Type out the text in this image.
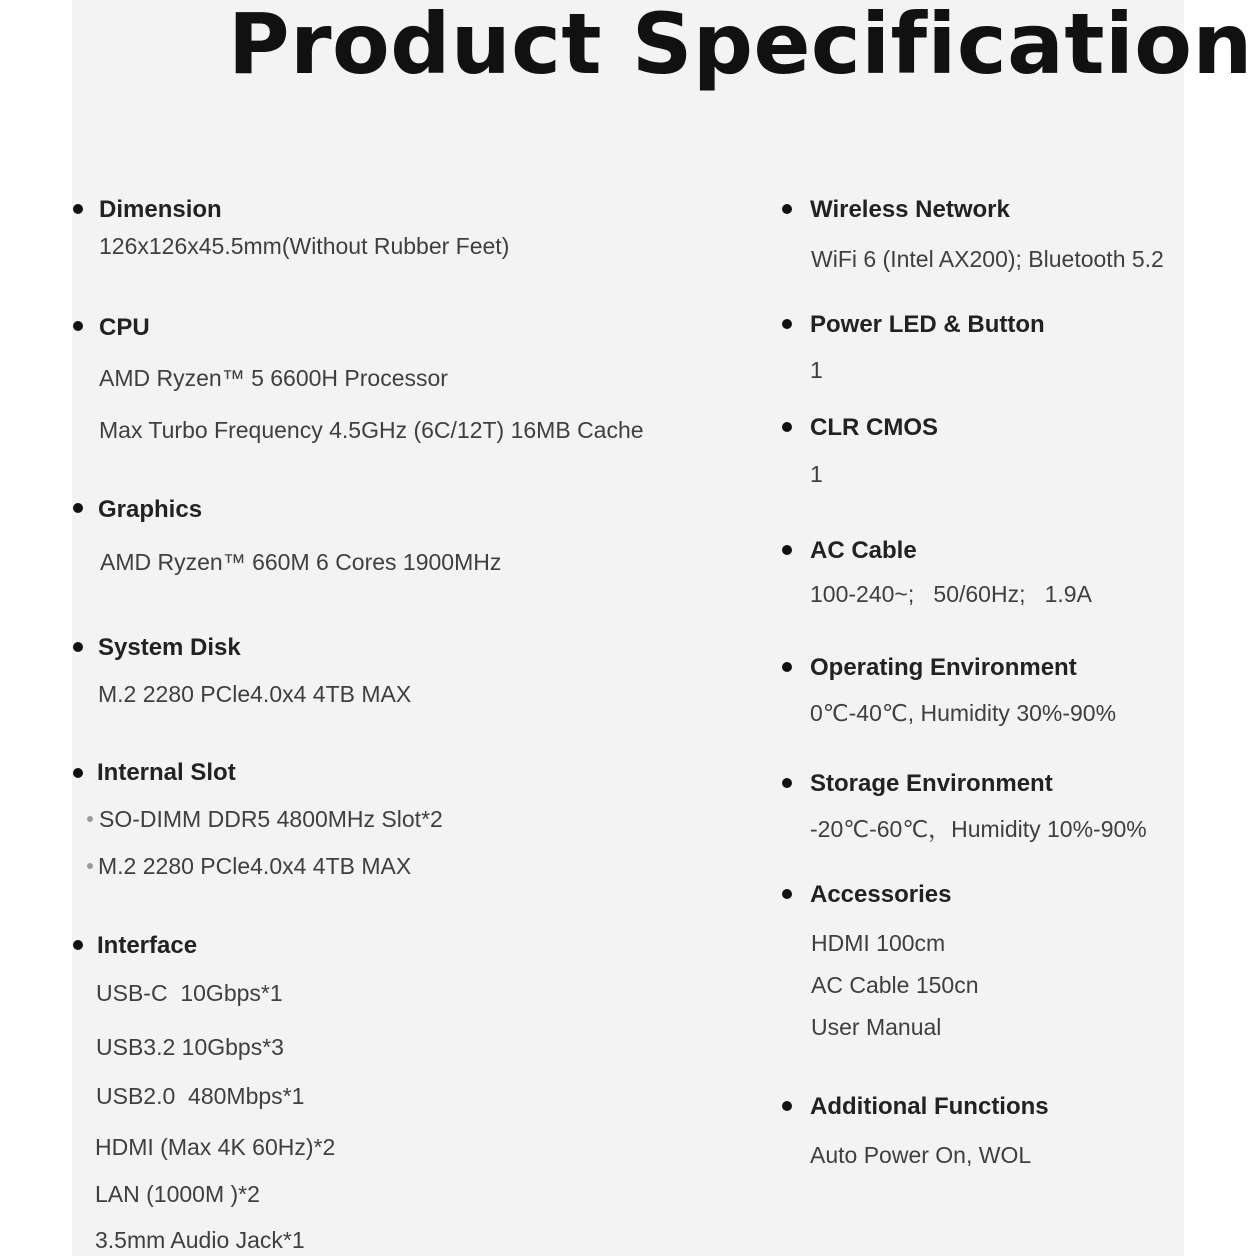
Product Specification
Dimension
126x126x45.5mm(Without Rubber Feet)
CPU
AMD Ryzen™ 5 6600H Processor
Max Turbo Frequency 4.5GHz (6C/12T) 16MB Cache
Graphics
AMD Ryzen™ 660M 6 Cores 1900MHz
System Disk
M.2 2280 PCle4.0x4 4TB MAX
Internal Slot
SO-DIMM DDR5 4800MHz Slot*2
M.2 2280 PCle4.0x4 4TB MAX
Interface
USB-C  10Gbps*1
USB3.2 10Gbps*3
USB2.0  480Mbps*1
HDMI (Max 4K 60Hz)*2
LAN (1000M )*2
3.5mm Audio Jack*1
Wireless Network
WiFi 6 (Intel AX200); Bluetooth 5.2
Power LED & Button
1
CLR CMOS
1
AC Cable
100-240~;   50/60Hz;   1.9A
Operating Environment
0℃-40℃, Humidity 30%-90%
Storage Environment
-20℃-60℃，Humidity 10%-90%
Accessories
HDMI 100cm
AC Cable 150cn
User Manual
Additional Functions
Auto Power On, WOL
